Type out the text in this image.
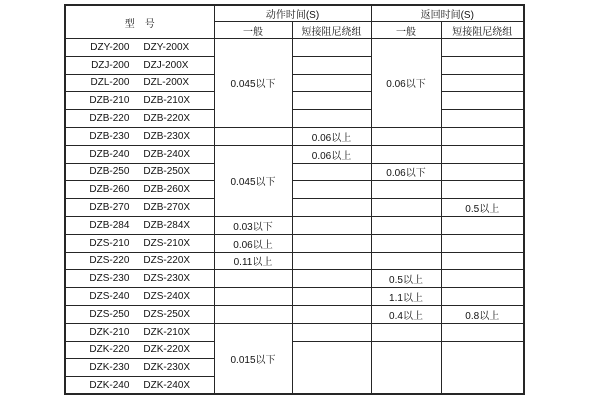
型　号	动作时间(S)		返回时间(S)	
	一般	短接阻尼绕组	一般	短接阻尼绕组

DZY-200 DZY-200X	0.045以下		0.06以下	

DZJ-200 DZJ-200X				

DZL-200 DZL-200X				

DZB-210 DZB-210X				

DZB-220 DZB-220X				

DZB-230 DZB-230X		0.06以上		

DZB-240 DZB-240X	0.045以下	0.06以上		

DZB-250 DZB-250X			0.06以下	

DZB-260 DZB-260X				

DZB-270 DZB-270X				0.5以上

DZB-284 DZB-284X	0.03以下			

DZS-210 DZS-210X	0.06以上			

DZS-220 DZS-220X	0.11以上			

DZS-230 DZS-230X			0.5以上	

DZS-240 DZS-240X			1.1以上	

DZS-250 DZS-250X			0.4以上	0.8以上

DZK-210 DZK-210X	0.015以下			

DZK-220 DZK-220X				

DZK-230 DZK-230X				

DZK-240 DZK-240X				
